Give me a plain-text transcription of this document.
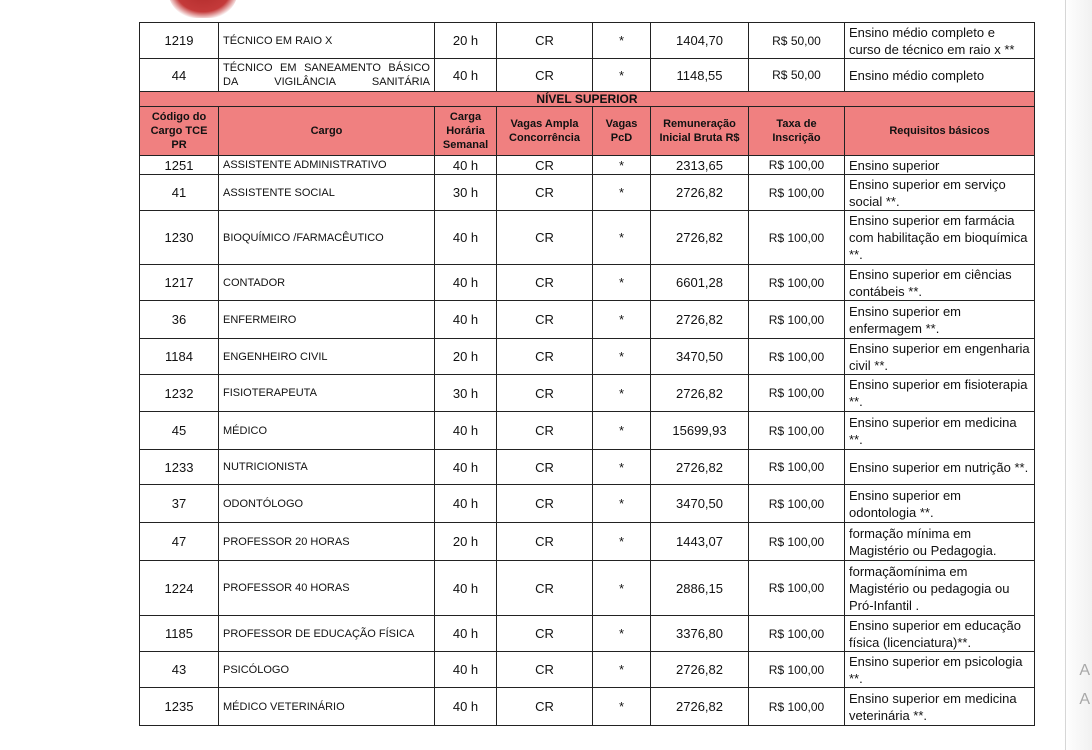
1219	TÉCNICO EM RAIO X	20 h	CR	*	1404,70	R$ 50,00	Ensino médio completo e curso de técnico em raio x **
44	TÉCNICO EM SANEAMENTO BÁSICO DA VIGILÂNCIA SANITÁRIA	40 h	CR	*	1148,55	R$ 50,00	Ensino médio completo
NÍVEL SUPERIOR							
Código do Cargo TCE PR	Cargo	Carga Horária Semanal	Vagas Ampla Concorrência	Vagas PcD	Remuneração Inicial Bruta R$	Taxa de Inscrição	Requisitos básicos
1251	ASSISTENTE ADMINISTRATIVO	40 h	CR	*	2313,65	R$ 100,00	Ensino superior
41	ASSISTENTE SOCIAL	30 h	CR	*	2726,82	R$ 100,00	Ensino superior em serviço social **.
1230	BIOQUÍMICO /FARMACÊUTICO	40 h	CR	*	2726,82	R$ 100,00	Ensino superior em farmácia com habilitação em bioquímica **.
1217	CONTADOR	40 h	CR	*	6601,28	R$ 100,00	Ensino superior em ciências contábeis **.
36	ENFERMEIRO	40 h	CR	*	2726,82	R$ 100,00	Ensino superior em enfermagem **.
1184	ENGENHEIRO CIVIL	20 h	CR	*	3470,50	R$ 100,00	Ensino superior em engenharia civil **.
1232	FISIOTERAPEUTA	30 h	CR	*	2726,82	R$ 100,00	Ensino superior em fisioterapia **.
45	MÉDICO	40 h	CR	*	15699,93	R$ 100,00	Ensino superior em medicina **.
1233	NUTRICIONISTA	40 h	CR	*	2726,82	R$ 100,00	Ensino superior em nutrição **.
37	ODONTÓLOGO	40 h	CR	*	3470,50	R$ 100,00	Ensino superior em odontologia **.
47	PROFESSOR 20 HORAS	20 h	CR	*	1443,07	R$ 100,00	formação mínima em Magistério ou Pedagogia.
1224	PROFESSOR 40 HORAS	40 h	CR	*	2886,15	R$ 100,00	formaçãomínima em Magistério ou pedagogia ou Pró-Infantil .
1185	PROFESSOR DE EDUCAÇÃO FÍSICA	40 h	CR	*	3376,80	R$ 100,00	Ensino superior em educação física (licenciatura)**.
43	PSICÓLOGO	40 h	CR	*	2726,82	R$ 100,00	Ensino superior em psicologia **.
1235	MÉDICO VETERINÁRIO	40 h	CR	*	2726,82	R$ 100,00	Ensino superior em medicina veterinária **.
A
A
